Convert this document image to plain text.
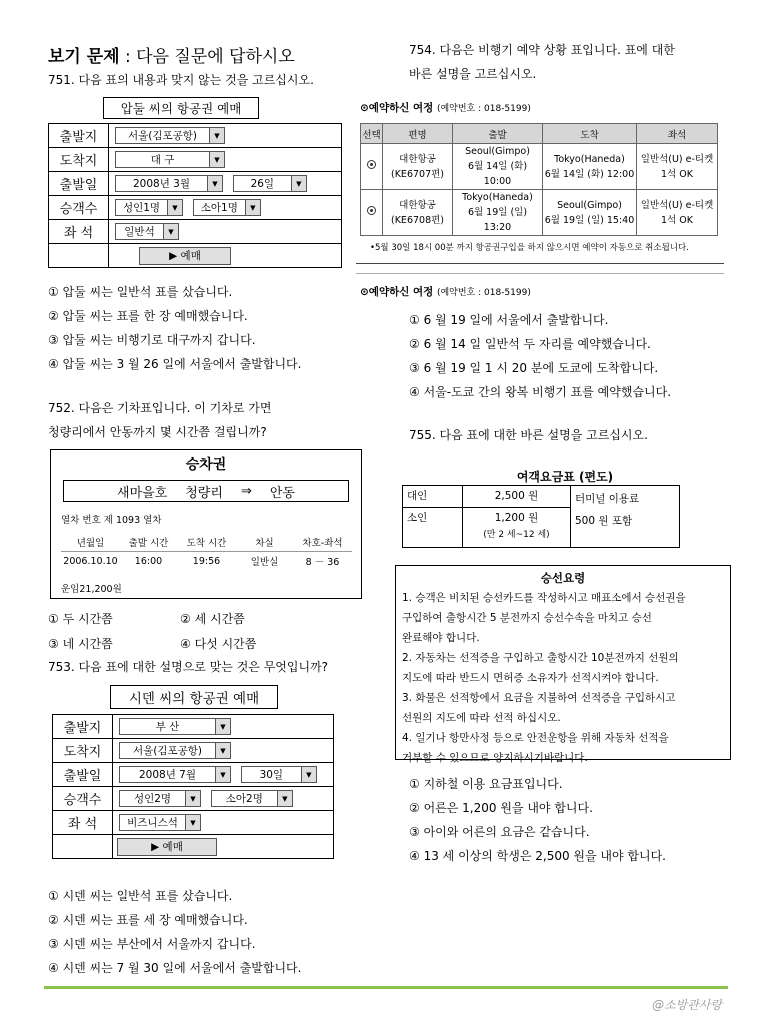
보기 문제 : 다음 질문에 답하시오
751. 다음 표의 내용과 맞지 않는 것을 고르십시오.
압둘 씨의 항공권 예매
출발지	서울(김포공항) ▼

도착지	대 구 ▼

출발일	2008년 3월 ▼
26일 ▼

승객수	성인1명 ▼
소아1명 ▼

좌 석	일반석 ▼

	▶ 예매
① 압둘 씨는 일반석 표를 샀습니다.
② 압둘 씨는 표를 한 장 예매했습니다.
③ 압둘 씨는 비행기로 대구까지 갑니다.
④ 압둘 씨는 3 월 26 일에 서울에서 출발합니다.
752. 다음은 기차표입니다. 이 기차로 가면
청량리에서 안동까지 몇 시간쯤 걸립니까?
승차권
새마을호 청량리 ⇒ 안동
열차 번호 제 1093 열차
년월일	출발 시간	도착 시간	차실	차호-좌석
2006.10.10	16:00	19:56	일반실	8 － 36
운임21,200원
① 두 시간쯤	② 세 시간쯤
③ 네 시간쯤	④ 다섯 시간쯤
753. 다음 표에 대한 설명으로 맞는 것은 무엇입니까?
시덴 씨의 항공권 예매
출발지	부 산 ▼

도착지	서울(김포공항) ▼

출발일	2008년 7월 ▼
30일 ▼

승객수	성인2명 ▼
소아2명 ▼

좌 석	비즈니스석 ▼

	▶ 예매
① 시덴 씨는 일반석 표를 샀습니다.
② 시덴 씨는 표를 세 장 예매했습니다.
③ 시덴 씨는 부산에서 서울까지 갑니다.
④ 시덴 씨는 7 월 30 일에 서울에서 출발합니다.
754. 다음은 비행기 예약 상황 표입니다. 표에 대한
바른 설명을 고르십시오.
⊙예약하신 여정 (예약번호 : 018-5199)
선택	편명	출발	도착	좌석
	대한항공
(KE6707편)	Seoul(Gimpo)
6월 14일 (화) 10:00	Tokyo(Haneda)
6월 14일 (화) 12:00	일반석(U) e-티켓
1석 OK
	대한항공
(KE6708편)	Tokyo(Haneda)
6월 19일 (일) 13:20	Seoul(Gimpo)
6월 19일 (일) 15:40	일반석(U) e-티켓
1석 OK
•5월 30일 18시 00분 까지 항공권구입을 하지 않으시면 예약이 자동으로 취소됩니다.
⊙예약하신 여정 (예약번호 : 018-5199)
① 6 월 19 일에 서울에서 출발합니다.
② 6 월 14 일 일반석 두 자리를 예약했습니다.
③ 6 월 19 일 1 시 20 분에 도쿄에 도착합니다.
④ 서울-도쿄 간의 왕복 비행기 표를 예약했습니다.
755. 다음 표에 대한 바른 설명을 고르십시오.
여객요금표 (편도)
대인	2,500 원	터미널 이용료
500 원 포함

소인	1,200 원
(만 2 세~12 세)	
승선요령
1. 승객은 비치된 승선카드를 작성하시고 매표소에서 승선권을
구입하여 출항시간 5 분전까지 승선수속을 마치고 승선
완료해야 합니다.
2. 자동차는 선적증을 구입하고 출항시간 10분전까지 선원의
지도에 따라 반드시 면허증 소유자가 선적시켜야 합니다.
3. 화물은 선적항에서 요금을 지불하여 선적증을 구입하시고
선원의 지도에 따라 선적 하십시오.
4. 일기나 항만사정 등으로 안전운항을 위해 자동차 선적을
거부할 수 있으므로 양지하시기바랍니다.
① 지하철 이용 요금표입니다.
② 어른은 1,200 원을 내야 합니다.
③ 아이와 어른의 요금은 같습니다.
④ 13 세 이상의 학생은 2,500 원을 내야 합니다.
@소방관사랑
